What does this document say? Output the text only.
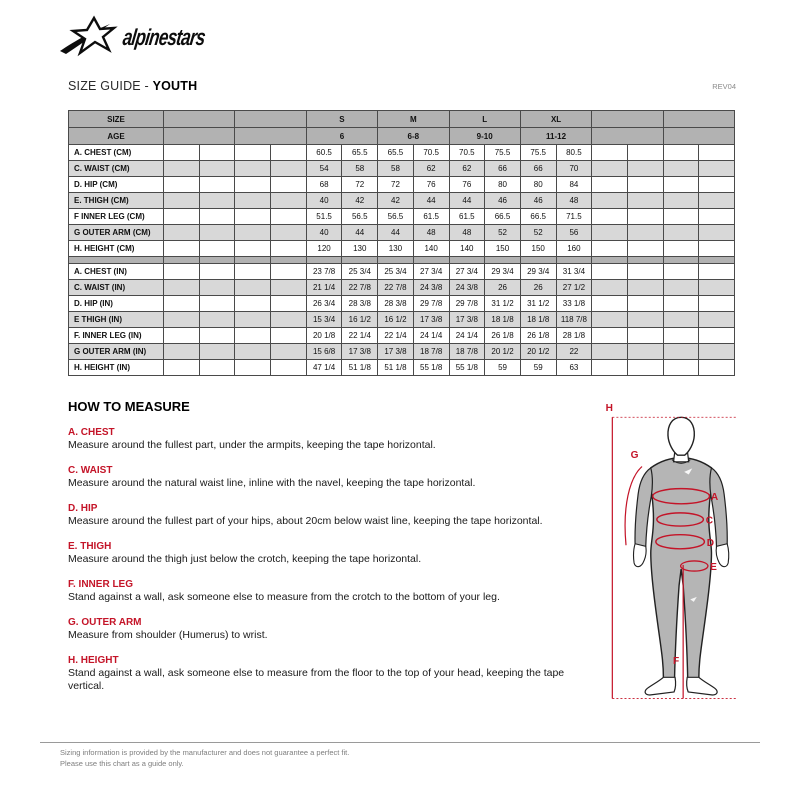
alpinestars
SIZE GUIDE - YOUTH	REV04
SIZE					S		M		L		XL					
AGE					6		6-8		9-10		11-12					
A. CHEST (CM)					60.5	65.5	65.5	70.5	70.5	75.5	75.5	80.5				
C. WAIST (CM)					54	58	58	62	62	66	66	70				
D. HIP (CM)					68	72	72	76	76	80	80	84				
E. THIGH (CM)					40	42	42	44	44	46	46	48				
F INNER LEG (CM)					51.5	56.5	56.5	61.5	61.5	66.5	66.5	71.5				
G OUTER ARM (CM)					40	44	44	48	48	52	52	56				
H. HEIGHT (CM)					120	130	130	140	140	150	150	160				

A. CHEST (IN)					23 7/8	25 3/4	25 3/4	27 3/4	27 3/4	29 3/4	29 3/4	31 3/4				
C. WAIST (IN)					21 1/4	22 7/8	22 7/8	24 3/8	24 3/8	26	26	27 1/2				
D. HIP (IN)					26 3/4	28 3/8	28 3/8	29 7/8	29 7/8	31 1/2	31 1/2	33 1/8				
E THIGH (IN)					15 3/4	16 1/2	16 1/2	17 3/8	17 3/8	18 1/8	18 1/8	118 7/8				
F. INNER LEG (IN)					20 1/8	22 1/4	22 1/4	24 1/4	24 1/4	26 1/8	26 1/8	28 1/8				
G OUTER ARM (IN)					15 6/8	17 3/8	17 3/8	18 7/8	18 7/8	20 1/2	20 1/2	22				
H. HEIGHT (IN)					47 1/4	51 1/8	51 1/8	55 1/8	55 1/8	59	59	63				
HOW TO MEASURE
A. CHEST
Measure around the fullest part, under the armpits, keeping the tape horizontal.
C. WAIST
Measure around the natural waist line, inline with the navel, keeping the tape horizontal.
D. HIP
Measure around the fullest part of your hips, about 20cm below waist line, keeping the tape horizontal.
E. THIGH
Measure around the thigh just below the crotch, keeping the tape horizontal.
F. INNER LEG
Stand against a wall, ask someone else to measure from the crotch to the bottom of your leg.
G. OUTER ARM
Measure from shoulder (Humerus) to wrist.
H. HEIGHT
Stand against a wall, ask someone else to measure from the floor to the top of your head, keeping the tape vertical.
H
G
A
C
D
E
F
Sizing information is provided by the manufacturer and does not guarantee a perfect fit.
Please use this chart as a guide only.
